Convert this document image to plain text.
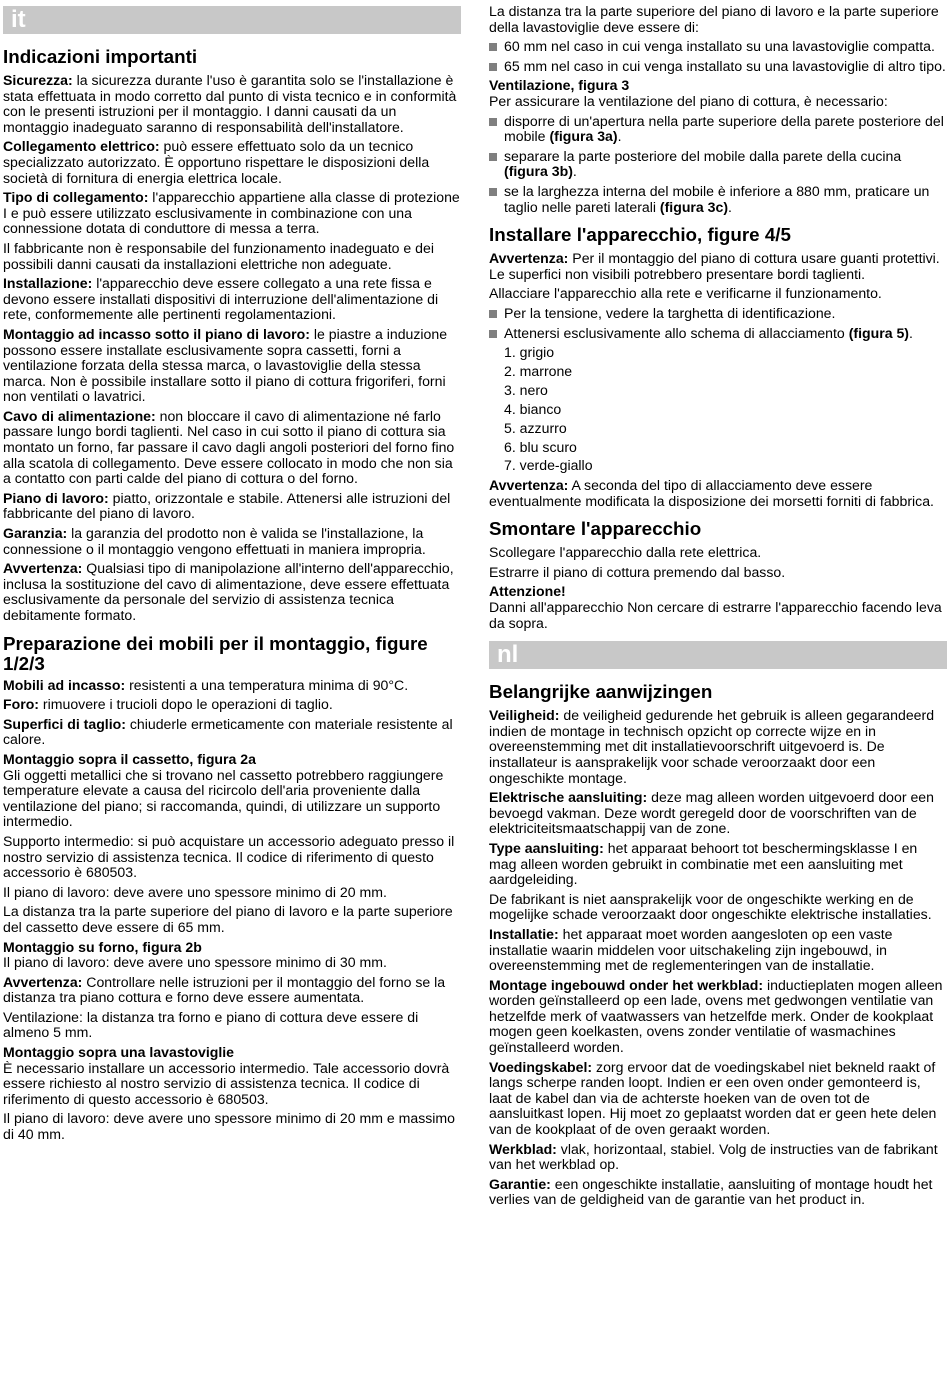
it
Indicazioni importanti

Sicurezza: la sicurezza durante l'uso è garantita solo se l'installazione è stata effettuata in modo corretto dal punto di vista tecnico e in conformità con le presenti istruzioni per il montaggio. I danni causati da un montaggio inadeguato saranno di responsabilità dell'installatore.

Collegamento elettrico: può essere effettuato solo da un tecnico specializzato autorizzato. È opportuno rispettare le disposizioni della società di fornitura di energia elettrica locale.

Tipo di collegamento: l'apparecchio appartiene alla classe di protezione I e può essere utilizzato esclusivamente in combinazione con una connessione dotata di conduttore di messa a terra.

Il fabbricante non è responsabile del funzionamento inadeguato e dei possibili danni causati da installazioni elettriche non adeguate.

Installazione: l'apparecchio deve essere collegato a una rete fissa e devono essere installati dispositivi di interruzione dell'alimentazione di rete, conformemente alle pertinenti regolamentazioni.

Montaggio ad incasso sotto il piano di lavoro: le piastre a induzione possono essere installate esclusivamente sopra cassetti, forni a ventilazione forzata della stessa marca, o lavastoviglie della stessa marca. Non è possibile installare sotto il piano di cottura frigoriferi, forni non ventilati o lavatrici.

Cavo di alimentazione: non bloccare il cavo di alimentazione né farlo passare lungo bordi taglienti. Nel caso in cui sotto il piano di cottura sia montato un forno, far passare il cavo dagli angoli posteriori del forno fino alla scatola di collegamento. Deve essere collocato in modo che non sia a contatto con parti calde del piano di cottura o del forno.

Piano di lavoro: piatto, orizzontale e stabile. Attenersi alle istruzioni del fabbricante del piano di lavoro.

Garanzia: la garanzia del prodotto non è valida se l'installazione, la connessione o il montaggio vengono effettuati in maniera impropria.

Avvertenza: Qualsiasi tipo di manipolazione all'interno dell'apparecchio, inclusa la sostituzione del cavo di alimentazione, deve essere effettuata esclusivamente da personale del servizio di assistenza tecnica debitamente formato.

Preparazione dei mobili per il montaggio, figure 1/2/3

Mobili ad incasso: resistenti a una temperatura minima di 90°C.

Foro: rimuovere i trucioli dopo le operazioni di taglio.

Superfici di taglio: chiuderle ermeticamente con materiale resistente al calore.

Montaggio sopra il cassetto, figura 2a

Gli oggetti metallici che si trovano nel cassetto potrebbero raggiungere temperature elevate a causa del ricircolo dell'aria proveniente dalla ventilazione del piano; si raccomanda, quindi, di utilizzare un supporto intermedio.

Supporto intermedio: si può acquistare un accessorio adeguato presso il nostro servizio di assistenza tecnica. Il codice di riferimento di questo accessorio è 680503.

Il piano di lavoro: deve avere uno spessore minimo di 20 mm.

La distanza tra la parte superiore del piano di lavoro e la parte superiore del cassetto deve essere di 65 mm.

Montaggio su forno, figura 2b

Il piano di lavoro: deve avere uno spessore minimo di 30 mm.

Avvertenza: Controllare nelle istruzioni per il montaggio del forno se la distanza tra piano cottura e forno deve essere aumentata.

Ventilazione: la distanza tra forno e piano di cottura deve essere di almeno 5 mm.

Montaggio sopra una lavastoviglie

È necessario installare un accessorio intermedio. Tale accessorio dovrà essere richiesto al nostro servizio di assistenza tecnica. Il codice di riferimento di questo accessorio è 680503.

Il piano di lavoro: deve avere uno spessore minimo di 20 mm e massimo di 40 mm.

La distanza tra la parte superiore del piano di lavoro e la parte superiore della lavastoviglie deve essere di:

60 mm nel caso in cui venga installato su una lavastoviglie compatta.
65 mm nel caso in cui venga installato su una lavastoviglie di altro tipo.
Ventilazione, figura 3

Per assicurare la ventilazione del piano di cottura, è necessario:

disporre di un'apertura nella parte superiore della parete posteriore del mobile (figura 3a).
separare la parte posteriore del mobile dalla parete della cucina (figura 3b).
se la larghezza interna del mobile è inferiore a 880 mm, praticare un taglio nelle pareti laterali (figura 3c).
Installare l'apparecchio, figure 4/5

Avvertenza: Per il montaggio del piano di cottura usare guanti protettivi. Le superfici non visibili potrebbero presentare bordi taglienti.

Allacciare l'apparecchio alla rete e verificarne il funzionamento.

Per la tensione, vedere la targhetta di identificazione.
Attenersi esclusivamente allo schema di allacciamento (figura 5).
1. grigio
2. marrone
3. nero
4. bianco
5. azzurro
6. blu scuro
7. verde-giallo

Avvertenza: A seconda del tipo di allacciamento deve essere eventualmente modificata la disposizione dei morsetti forniti di fabbrica.

Smontare l'apparecchio

Scollegare l'apparecchio dalla rete elettrica.

Estrarre il piano di cottura premendo dal basso.

Attenzione!

Danni all'apparecchio Non cercare di estrarre l'apparecchio facendo leva da sopra.

nl
Belangrijke aanwijzingen

Veiligheid: de veiligheid gedurende het gebruik is alleen gegarandeerd indien de montage in technisch opzicht op correcte wijze en in overeenstemming met dit installatievoorschrift uitgevoerd is. De installateur is aansprakelijk voor schade veroorzaakt door een ongeschikte montage.

Elektrische aansluiting: deze mag alleen worden uitgevoerd door een bevoegd vakman. Deze wordt geregeld door de voorschriften van de elektriciteitsmaatschappij van de zone.

Type aansluiting: het apparaat behoort tot beschermingsklasse I en mag alleen worden gebruikt in combinatie met een aansluiting met aardgeleiding.

De fabrikant is niet aansprakelijk voor de ongeschikte werking en de mogelijke schade veroorzaakt door ongeschikte elektrische installaties.

Installatie: het apparaat moet worden aangesloten op een vaste installatie waarin middelen voor uitschakeling zijn ingebouwd, in overeenstemming met de reglementeringen van de installatie.

Montage ingebouwd onder het werkblad: inductieplaten mogen alleen worden geïnstalleerd op een lade, ovens met gedwongen ventilatie van hetzelfde merk of vaatwassers van hetzelfde merk. Onder de kookplaat mogen geen koelkasten, ovens zonder ventilatie of wasmachines geïnstalleerd worden.

Voedingskabel: zorg ervoor dat de voedingskabel niet bekneld raakt of langs scherpe randen loopt. Indien er een oven onder gemonteerd is, laat de kabel dan via de achterste hoeken van de oven tot de aansluitkast lopen. Hij moet zo geplaatst worden dat er geen hete delen van de kookplaat of de oven geraakt worden.

Werkblad: vlak, horizontaal, stabiel. Volg de instructies van de fabrikant van het werkblad op.

Garantie: een ongeschikte installatie, aansluiting of montage houdt het verlies van de geldigheid van de garantie van het product in.
